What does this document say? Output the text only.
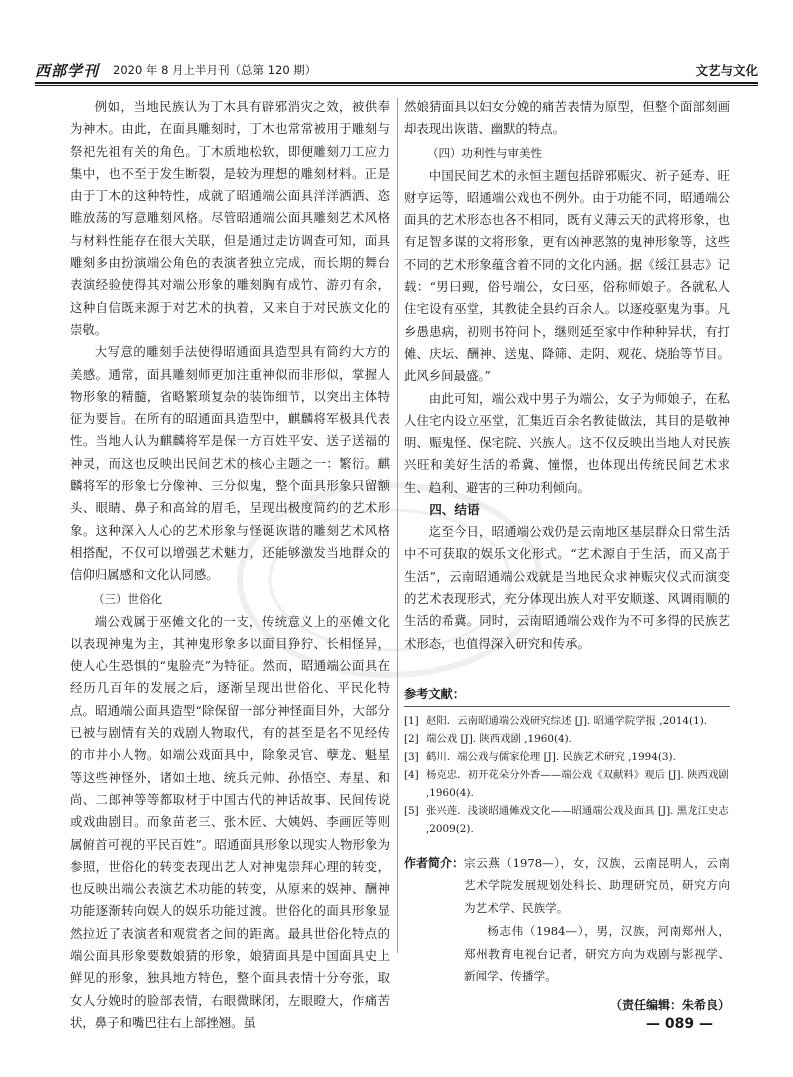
西部学刊 2020 年 8 月上半月刊（总第 120 期）	文艺与文化

例如，当地民族认为丁木具有辟邪消灾之效，被供奉为神木。由此，在面具雕刻时，丁木也常常被用于雕刻与祭祀先祖有关的角色。丁木质地松软，即便雕刻刀工应力集中，也不至于发生断裂，是较为理想的雕刻材料。正是由于丁木的这种特性，成就了昭通端公面具洋洋洒洒、恣睢放荡的写意雕刻风格。尽管昭通端公面具雕刻艺术风格与材料性能存在很大关联，但是通过走访调查可知，面具雕刻多由扮演端公角色的表演者独立完成，而长期的舞台表演经验使得其对端公形象的雕刻胸有成竹、游刃有余，这种自信既来源于对艺术的执着，又来自于对民族文化的崇敬。

大写意的雕刻手法使得昭通面具造型具有简约大方的美感。通常，面具雕刻师更加注重神似而非形似，掌握人物形象的精髓，省略繁琐复杂的装饰细节，以突出主体特征为要旨。在所有的昭通面具造型中，麒麟将军极具代表性。当地人认为麒麟将军是保一方百姓平安、送子送福的神灵，而这也反映出民间艺术的核心主题之一：繁衍。麒麟将军的形象七分像神、三分似鬼，整个面具形象只留额头、眼睛、鼻子和高耸的眉毛，呈现出极度简约的艺术形象。这种深入人心的艺术形象与怪诞诙谐的雕刻艺术风格相搭配，不仅可以增强艺术魅力，还能够激发当地群众的信仰归属感和文化认同感。

（三）世俗化

端公戏属于巫傩文化的一支，传统意义上的巫傩文化以表现神鬼为主，其神鬼形象多以面目狰狞、长相怪异，使人心生恐惧的“鬼脸壳”为特征。然而，昭通端公面具在经历几百年的发展之后，逐渐呈现出世俗化、平民化特点。昭通端公面具造型“除保留一部分神怪面目外，大部分已被与剧情有关的戏剧人物取代，有的甚至是名不见经传的市井小人物。如端公戏面具中，除象灵官、孽龙、魁星等这些神怪外，诸如土地、统兵元帅、孙悟空、寿星、和尚、二郎神等等都取材于中国古代的神话故事、民间传说或戏曲剧目。而象苗老三、张木匠、大姨妈、李画匠等则属俯首可视的平民百姓”。昭通面具形象以现实人物形象为参照，世俗化的转变表现出艺人对神鬼崇拜心理的转变，也反映出端公表演艺术功能的转变，从原来的娱神、酬神功能逐渐转向娱人的娱乐功能过渡。世俗化的面具形象显然拉近了表演者和观赏者之间的距离。最具世俗化特点的端公面具形象要数娘猜的形象，娘猜面具是中国面具史上鲜见的形象，独具地方特色，整个面具表情十分夸张，取女人分娩时的脸部表情，右眼微眯闭，左眼瞪大，作痛苦状，鼻子和嘴巴往右上部挫翘。虽

然娘猜面具以妇女分娩的痛苦表情为原型，但整个面部刻画却表现出诙谐、幽默的特点。

（四）功利性与审美性

中国民间艺术的永恒主题包括辟邪赈灾、祈子延寿、旺财亨运等，昭通端公戏也不例外。由于功能不同，昭通端公面具的艺术形态也各不相同，既有义薄云天的武将形象，也有足智多谋的文将形象，更有凶神恶煞的鬼神形象等，这些不同的艺术形象蕴含着不同的文化内涵。据《绥江县志》记载：“男曰觋，俗号端公，女曰巫，俗称师娘子。各就私人住宅设有巫堂，其教徒全县约百余人。以逐疫驱鬼为事。凡乡愚患病，初则书符问卜，继则延至家中作种种异状，有打傩、庆坛、酬神、送鬼、降筛、走阴、观花、烧胎等节目。此风乡间最盛。”

由此可知，端公戏中男子为端公，女子为师娘子，在私人住宅内设立巫堂，汇集近百余名教徒做法，其目的是敬神明、赈鬼怪、保宅院、兴族人。这不仅反映出当地人对民族兴旺和美好生活的希冀、憧憬，也体现出传统民间艺术求生、趋利、避害的三种功利倾向。

四、结语

迄至今日，昭通端公戏仍是云南地区基层群众日常生活中不可获取的娱乐文化形式。“艺术源自于生活，而又高于生活”，云南昭通端公戏就是当地民众求神赈灾仪式而演变的艺术表现形式，充分体现出族人对平安顺遂、风调雨顺的生活的希冀。同时，云南昭通端公戏作为不可多得的民族艺术形态，也值得深入研究和传承。

参考文献：
[1] 赵阳．云南昭通端公戏研究综述 [J]. 昭通学院学报 ,2014(1).
[2] 端公戏 [J]. 陕西戏剧 ,1960(4).
[3] 鹤川．端公戏与儒家伦理 [J]. 民族艺术研究 ,1994(3).
[4] 杨克忠．初开花朵分外香——端公戏《双献料》观后 [J]. 陕西戏剧 ,1960(4).
[5] 张兴莲．浅谈昭通傩戏文化——昭通端公戏及面具 [J]. 黑龙江史志 ,2009(2).
作者简介： 宗云燕（1978—），女，汉族，云南昆明人，云南艺术学院发展规划处科长、助理研究员，研究方向为艺术学、民族学。

杨志伟（1984—），男，汉族，河南郑州人，郑州教育电视台记者，研究方向为戏剧与影视学、新闻学、传播学。

（责任编辑：朱希良）
— 089 —
